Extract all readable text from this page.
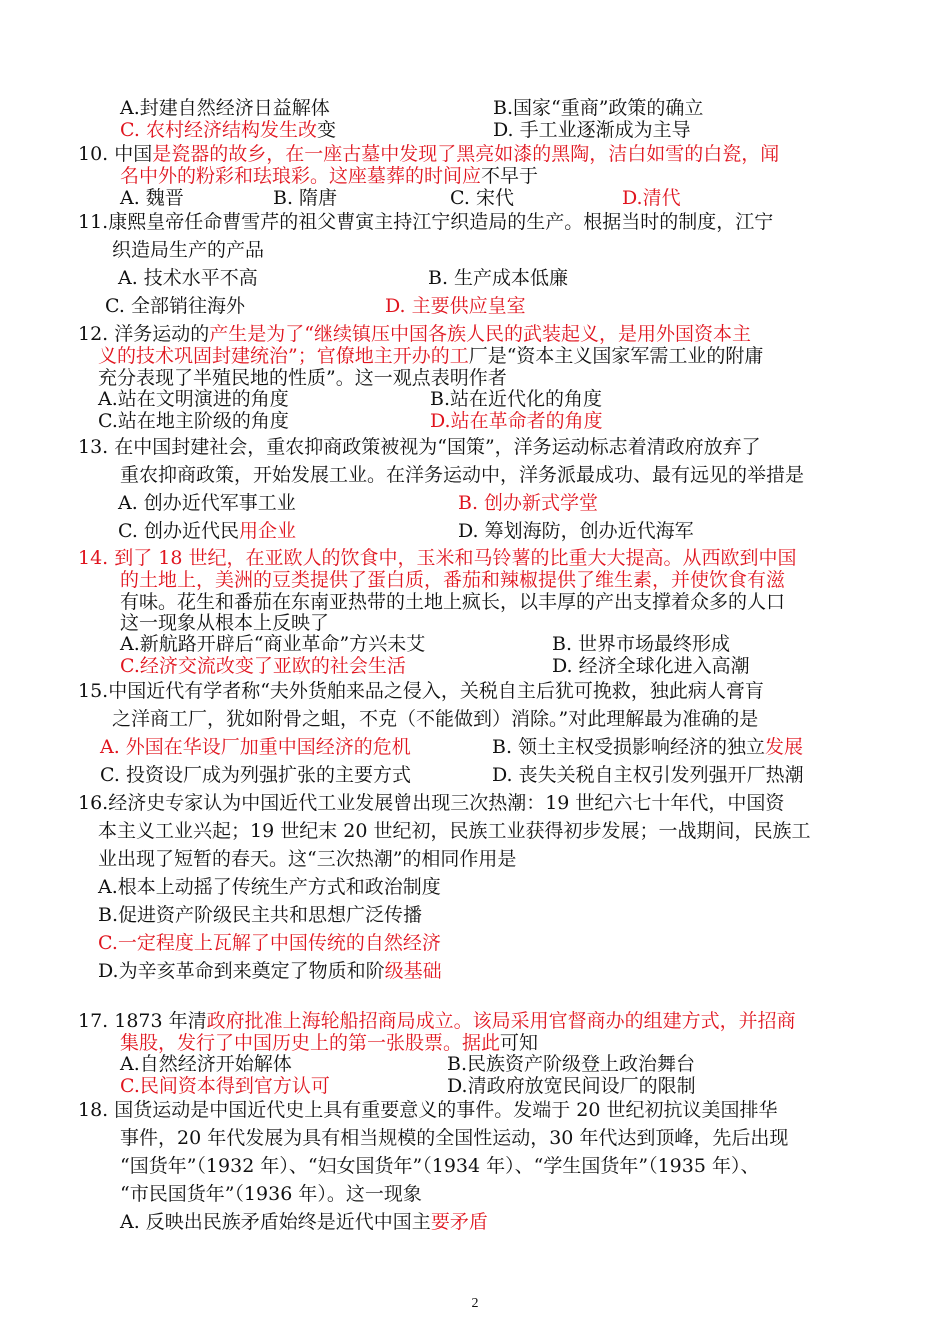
2
A.封建自然经济日益解体	B.国家“重商”政策的确立
C. 农村经济结构发生改变	D. 手工业逐渐成为主导
10. 中国是瓷器的故乡，在一座古墓中发现了黑亮如漆的黑陶，洁白如雪的白瓷，闻
名中外的粉彩和珐琅彩。这座墓葬的时间应不早于
A. 魏晋	B. 隋唐	C. 宋代	D.清代
11.康熙皇帝任命曹雪芹的祖父曹寅主持江宁织造局的生产。根据当时的制度，江宁
织造局生产的产品
A. 技术水平不高	B. 生产成本低廉
C. 全部销往海外	D. 主要供应皇室
12. 洋务运动的产生是为了“继续镇压中国各族人民的武装起义，是用外国资本主
义的技术巩固封建统治”；官僚地主开办的工厂是“资本主义国家军需工业的附庸
充分表现了半殖民地的性质”。这一观点表明作者
A.站在文明演进的角度	B.站在近代化的角度
C.站在地主阶级的角度	D.站在革命者的角度
13. 在中国封建社会，重农抑商政策被视为“国策”，洋务运动标志着清政府放弃了
重农抑商政策，开始发展工业。在洋务运动中，洋务派最成功、最有远见的举措是
A. 创办近代军事工业	B. 创办新式学堂
C. 创办近代民用企业	D. 筹划海防，创办近代海军
14. 到了 18 世纪，在亚欧人的饮食中，玉米和马铃薯的比重大大提高。从西欧到中国
的土地上，美洲的豆类提供了蛋白质，番茄和辣椒提供了维生素，并使饮食有滋
有味。花生和番茄在东南亚热带的土地上疯长，以丰厚的产出支撑着众多的人口
这一现象从根本上反映了
A.新航路开辟后“商业革命”方兴未艾	B. 世界市场最终形成
C.经济交流改变了亚欧的社会生活	D. 经济全球化进入高潮
15.中国近代有学者称“夫外货舶来品之侵入，关税自主后犹可挽救，独此病人膏肓
之洋商工厂，犹如附骨之蛆，不克（不能做到）消除。”对此理解最为准确的是
A. 外国在华设厂加重中国经济的危机	B. 领土主权受损影响经济的独立发展
C. 投资设厂成为列强扩张的主要方式	D. 丧失关税自主权引发列强开厂热潮
16.经济史专家认为中国近代工业发展曾出现三次热潮：19 世纪六七十年代，中国资
本主义工业兴起；19 世纪末 20 世纪初，民族工业获得初步发展；一战期间，民族工
业出现了短暂的春天。这“三次热潮”的相同作用是
A.根本上动摇了传统生产方式和政治制度
B.促进资产阶级民主共和思想广泛传播
C.一定程度上瓦解了中国传统的自然经济
D.为辛亥革命到来奠定了物质和阶级基础
17. 1873 年清政府批准上海轮船招商局成立。该局采用官督商办的组建方式，并招商
集股，发行了中国历史上的第一张股票。据此可知
A.自然经济开始解体	B.民族资产阶级登上政治舞台
C.民间资本得到官方认可	D.清政府放宽民间设厂的限制
18. 国货运动是中国近代史上具有重要意义的事件。发端于 20 世纪初抗议美国排华
事件，20 年代发展为具有相当规模的全国性运动，30 年代达到顶峰，先后出现
“国货年”（1932 年）、“妇女国货年”（1934 年）、“学生国货年”（1935 年）、
“市民国货年”（1936 年）。这一现象
A. 反映出民族矛盾始终是近代中国主要矛盾
